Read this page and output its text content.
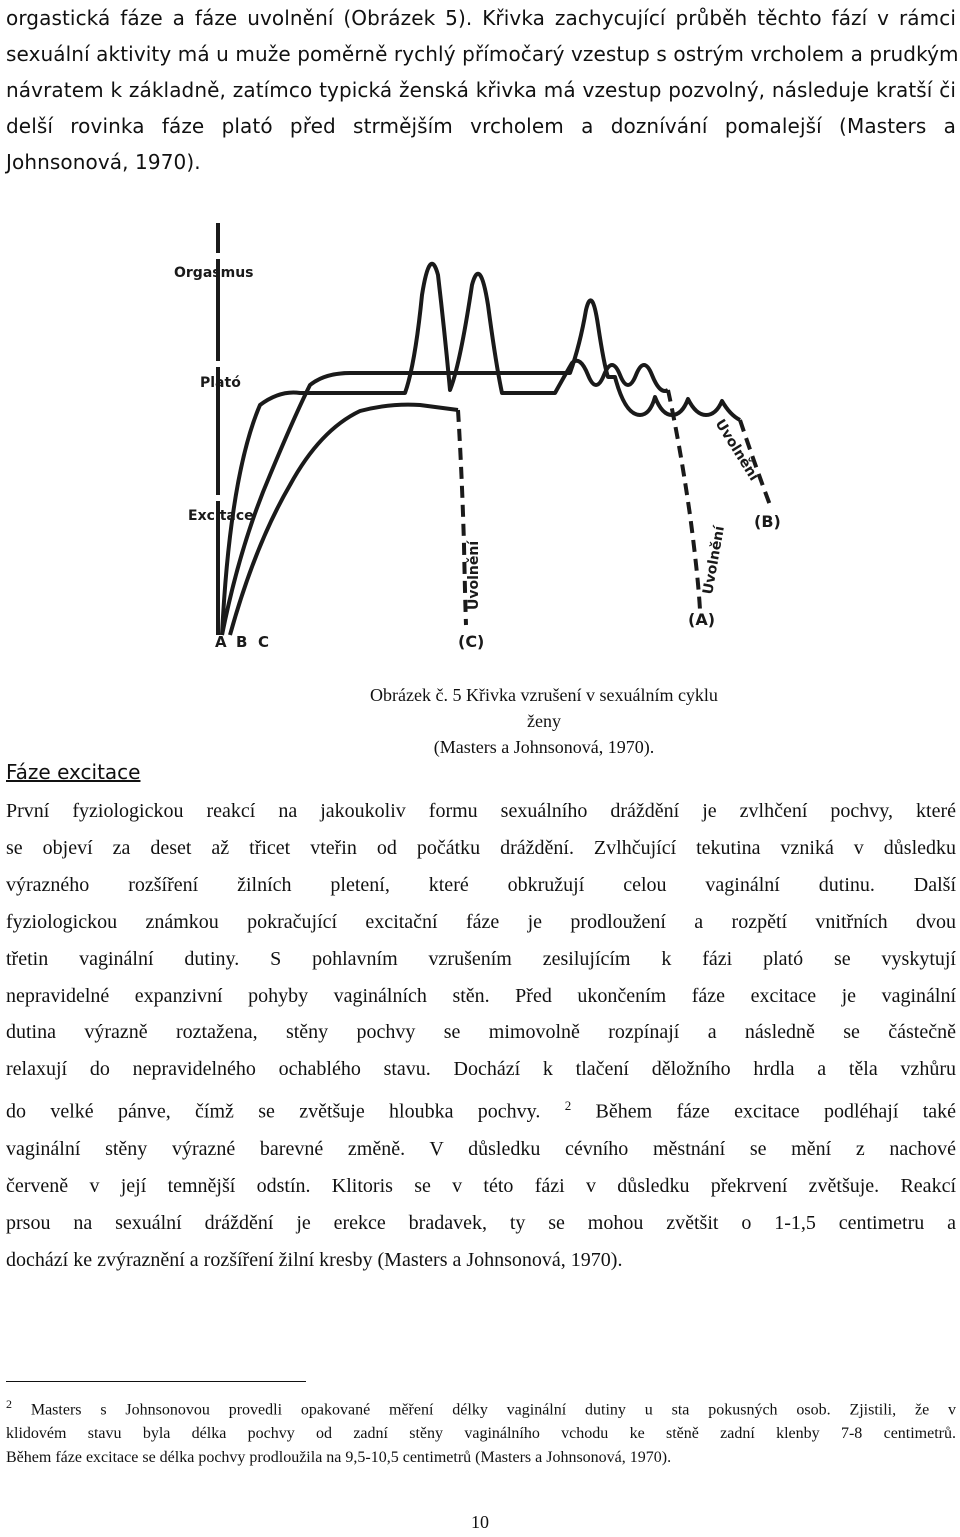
orgastická fáze a fáze uvolnění (Obrázek 5). Křivka zachycující průběh těchto fází v rámci
sexuální aktivity má u muže poměrně rychlý přímočarý vzestup s ostrým vrcholem a prudkým
návratem k základně, zatímco typická ženská křivka má vzestup pozvolný, následuje kratší či
delší rovinka fáze plató před strmějším vrcholem a doznívání pomalejší (Masters a
Johnsonová, 1970).
Orgasmus
Plató
Excitace
A B C
Uvolnění
(C)
Uvolnění
(A)
Uvolnění
(B)
Obrázek č. 5 Křivka vzrušení v sexuálním cyklu ženy
(Masters a Johnsonová, 1970).
Fáze excitace
První fyziologickou reakcí na jakoukoliv formu sexuálního dráždění je zvlhčení pochvy, které
se objeví za deset až třicet vteřin od počátku dráždění. Zvlhčující tekutina vzniká v důsledku
výrazného rozšíření žilních pletení, které obkružují celou vaginální dutinu. Další
fyziologickou známkou pokračující excitační fáze je prodloužení a rozpětí vnitřních dvou
třetin vaginální dutiny. S pohlavním vzrušením zesilujícím k fázi plató se vyskytují
nepravidelné expanzivní pohyby vaginálních stěn. Před ukončením fáze excitace je vaginální
dutina výrazně roztažena, stěny pochvy se mimovolně rozpínají a následně se částečně
relaxují do nepravidelného ochablého stavu. Dochází k tlačení děložního hrdla a těla vzhůru
do velké pánve, čímž se zvětšuje hloubka pochvy. $^2$ Během fáze excitace podléhají také
vaginální stěny výrazné barevné změně. V důsledku cévního městnání se mění z nachové
červeně v její temnější odstín. Klitoris se v této fázi v důsledku překrvení zvětšuje. Reakcí
prsou na sexuální dráždění je erekce bradavek, ty se mohou zvětšit o 1-1,5 centimetru a
dochází ke zvýraznění a rozšíření žilní kresby (Masters a Johnsonová, 1970).
$^2$ Masters s Johnsonovou provedli opakované měření délky vaginální dutiny u sta pokusných osob. Zjistili, že v
klidovém stavu byla délka pochvy od zadní stěny vaginálního vchodu ke stěně zadní klenby 7-8 centimetrů.
Během fáze excitace se délka pochvy prodloužila na 9,5-10,5 centimetrů (Masters a Johnsonová, 1970).
10
